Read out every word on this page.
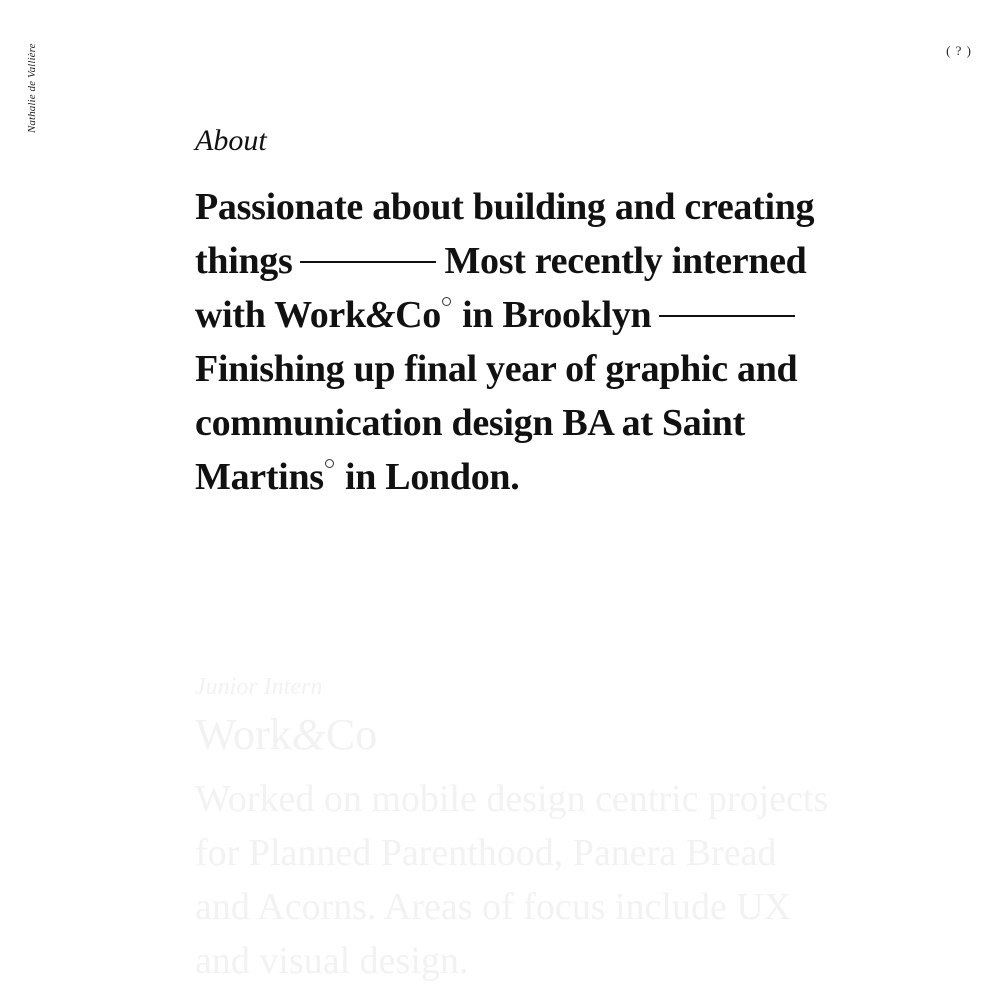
Nathalie de Vallière	( ? )
About

Passionate about building and creating things	Most recently interned with Work&Co in Brooklyn Finishing up final year of graphic and communication design BA at Saint Martins in London.

Junior Intern
Work&Co

Worked on mobile design centric projects for Planned Parenthood, Panera Bread and Acorns. Areas of focus include UX and visual design.
